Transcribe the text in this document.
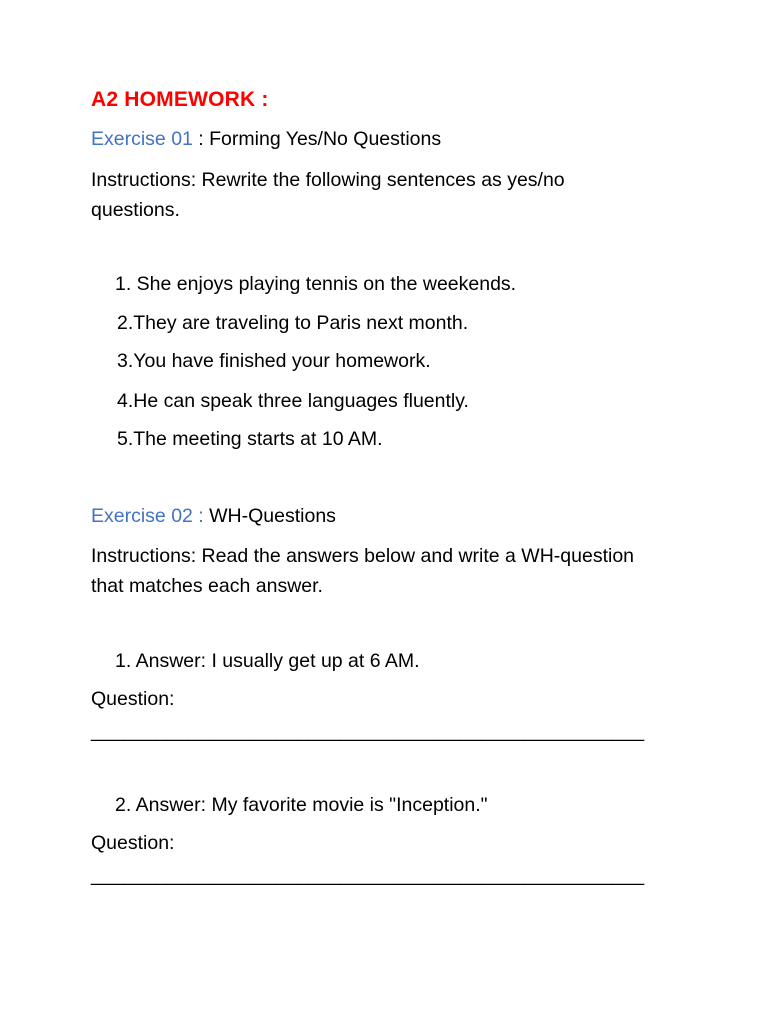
A2 HOMEWORK :
Exercise 01 : Forming Yes/No Questions
Instructions: Rewrite the following sentences as yes/no questions.
1. She enjoys playing tennis on the weekends.
2.They are traveling to Paris next month.
3.You have finished your homework.
4.He can speak three languages fluently.
5.The meeting starts at 10 AM.
Exercise 02 : WH-Questions
Instructions: Read the answers below and write a WH-question that matches each answer.
1. Answer: I usually get up at 6 AM.
Question:
___________________________________________________
2. Answer: My favorite movie is "Inception."
Question:
___________________________________________________
